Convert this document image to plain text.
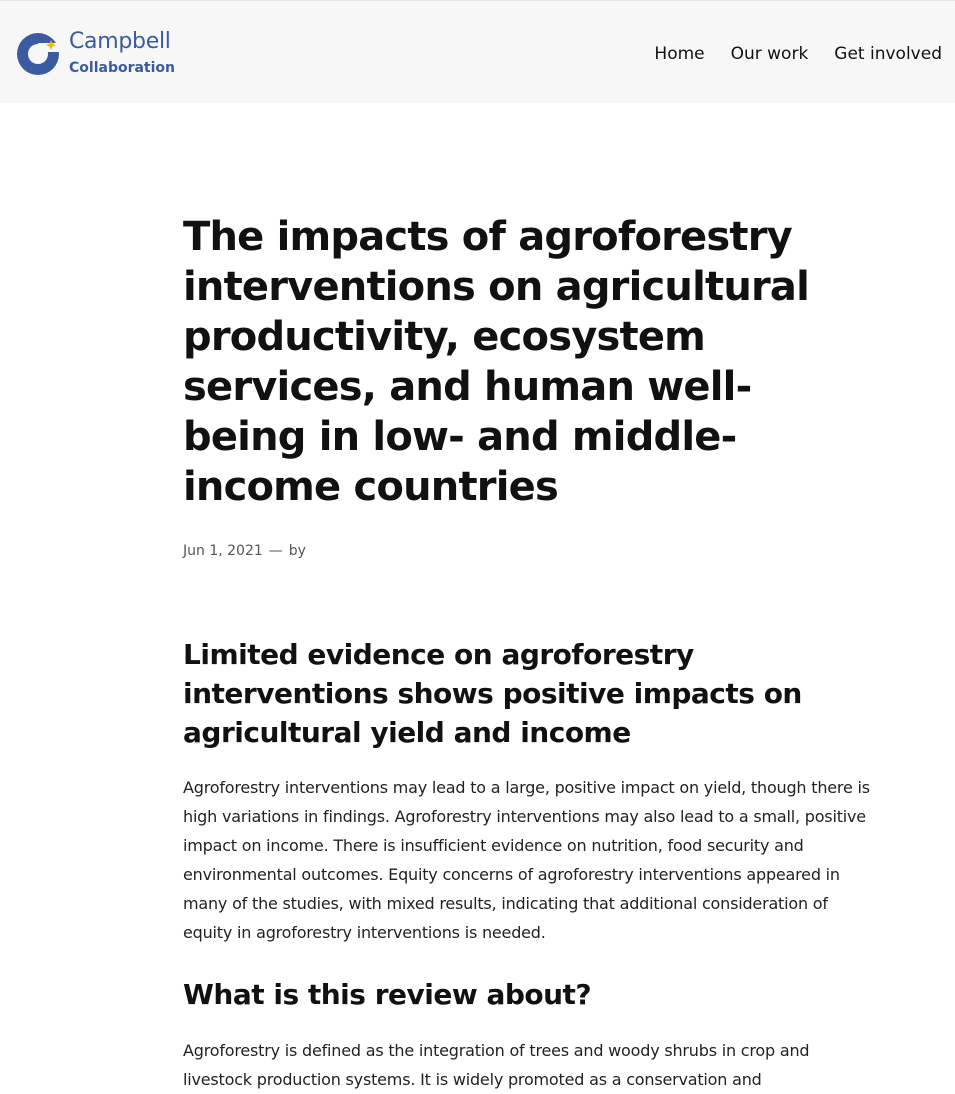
Campbell
Collaboration
Home Our work Get involved
The impacts of agroforestry interventions on agricultural productivity, ecosystem services, and human well-being in low- and middle-income countries
Jun 1, 2021 — by
Limited evidence on agroforestry interventions shows positive impacts on agricultural yield and income

Agroforestry interventions may lead to a large, positive impact on yield, though there is high variations in findings. Agroforestry interventions may also lead to a small, positive impact on income. There is insufficient evidence on nutrition, food security and environmental outcomes. Equity concerns of agroforestry interventions appeared in many of the studies, with mixed results, indicating that additional consideration of equity in agroforestry interventions is needed.

What is this review about?

Agroforestry is defined as the integration of trees and woody shrubs in crop and livestock production systems. It is widely promoted as a conservation and
